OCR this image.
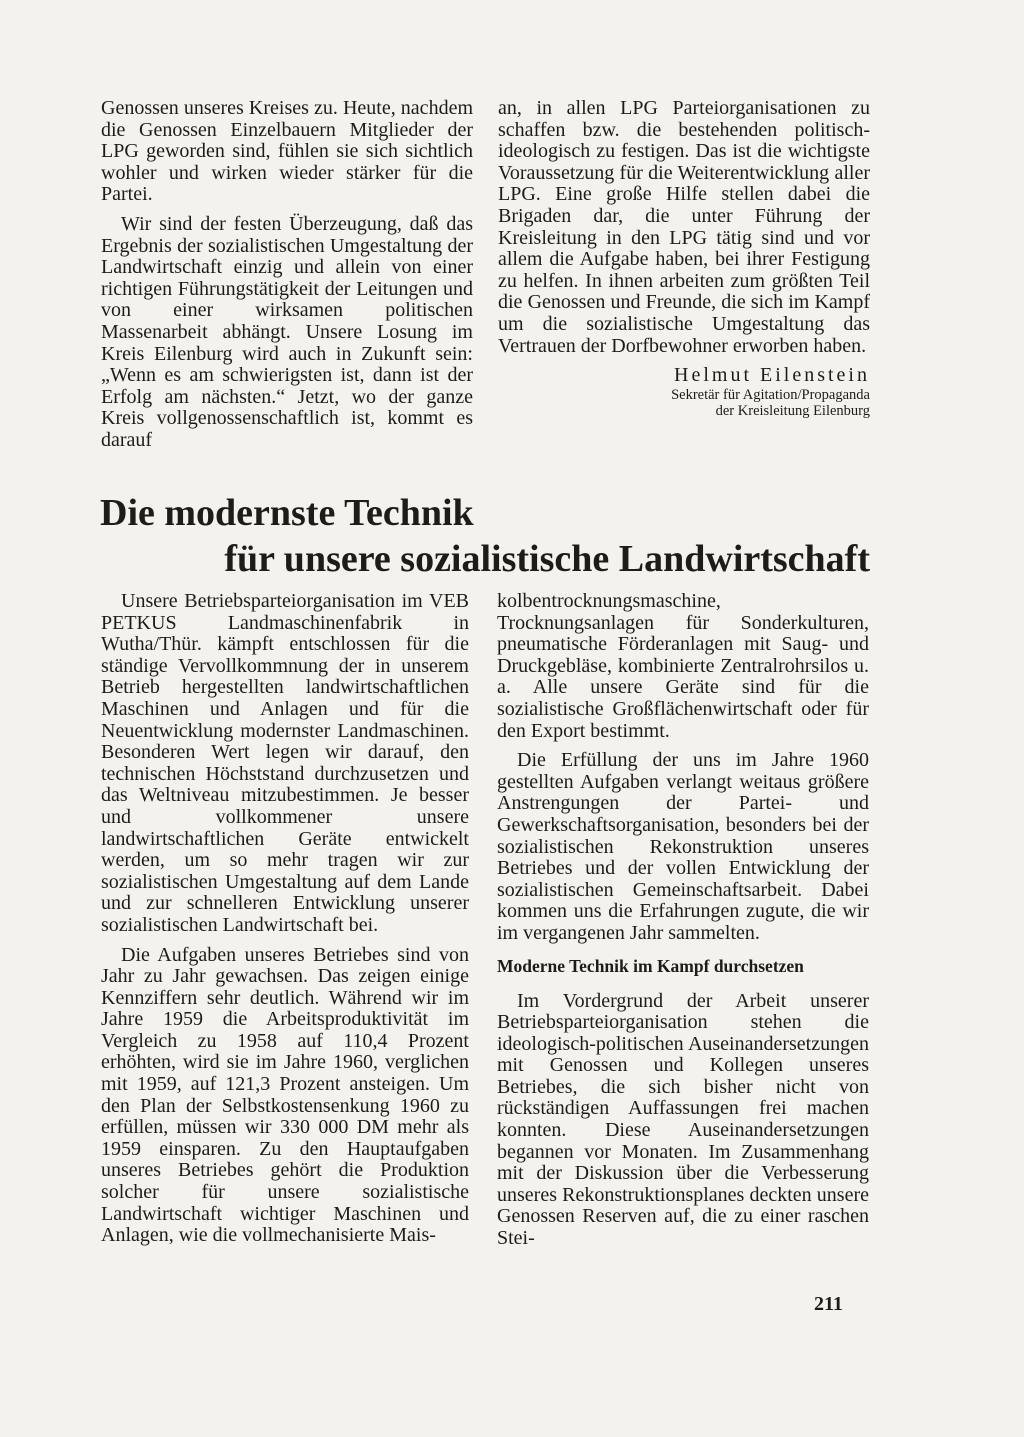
Genossen unseres Kreises zu. Heute, nachdem die Genossen Einzelbauern Mitglieder der LPG geworden sind, fühlen sie sich sichtlich wohler und wirken wieder stärker für die Partei.

Wir sind der festen Überzeugung, daß das Ergebnis der sozialistischen Umgestaltung der Landwirtschaft einzig und allein von einer richtigen Führungstätigkeit der Leitungen und von einer wirksamen politischen Massenarbeit abhängt. Unsere Losung im Kreis Eilenburg wird auch in Zukunft sein: „Wenn es am schwierigsten ist, dann ist der Erfolg am nächsten.“ Jetzt, wo der ganze Kreis vollgenossenschaftlich ist, kommt es darauf

an, in allen LPG Parteiorganisationen zu schaffen bzw. die bestehenden politisch-ideologisch zu festigen. Das ist die wichtigste Voraussetzung für die Weiterentwicklung aller LPG. Eine große Hilfe stellen dabei die Brigaden dar, die unter Führung der Kreisleitung in den LPG tätig sind und vor allem die Aufgabe haben, bei ihrer Festigung zu helfen. In ihnen arbeiten zum größten Teil die Genossen und Freunde, die sich im Kampf um die sozialistische Umgestaltung das Vertrauen der Dorfbewohner erworben haben.

Helmut Eilenstein
Sekretär für Agitation/Propaganda
der Kreisleitung Eilenburg
Die modernste Technik
für unsere sozialistische Landwirtschaft

Unsere Betriebsparteiorganisation im VEB PETKUS Landmaschinenfabrik in Wutha/Thür. kämpft entschlossen für die ständige Vervollkommnung der in unserem Betrieb hergestellten landwirtschaftlichen Maschinen und Anlagen und für die Neuentwicklung modernster Landmaschinen. Besonderen Wert legen wir darauf, den technischen Höchststand durchzusetzen und das Weltniveau mitzubestimmen. Je besser und vollkommener unsere landwirtschaftlichen Geräte entwickelt werden, um so mehr tragen wir zur sozialistischen Umgestaltung auf dem Lande und zur schnelleren Entwicklung unserer sozialistischen Landwirtschaft bei.

Die Aufgaben unseres Betriebes sind von Jahr zu Jahr gewachsen. Das zeigen einige Kennziffern sehr deutlich. Während wir im Jahre 1959 die Arbeitsproduktivität im Vergleich zu 1958 auf 110,4 Prozent erhöhten, wird sie im Jahre 1960, verglichen mit 1959, auf 121,3 Prozent ansteigen. Um den Plan der Selbstkostensenkung 1960 zu erfüllen, müssen wir 330 000 DM mehr als 1959 einsparen. Zu den Hauptaufgaben unseres Betriebes gehört die Produktion solcher für unsere sozialistische Landwirtschaft wichtiger Maschinen und Anlagen, wie die vollmechanisierte Mais-

kolbentrocknungsmaschine, Trocknungsanlagen für Sonderkulturen, pneumatische Förderanlagen mit Saug- und Druckgebläse, kombinierte Zentralrohrsilos u. a. Alle unsere Geräte sind für die sozialistische Großflächenwirtschaft oder für den Export bestimmt.

Die Erfüllung der uns im Jahre 1960 gestellten Aufgaben verlangt weitaus größere Anstrengungen der Partei- und Gewerkschaftsorganisation, besonders bei der sozialistischen Rekonstruktion unseres Betriebes und der vollen Entwicklung der sozialistischen Gemeinschaftsarbeit. Dabei kommen uns die Erfahrungen zugute, die wir im vergangenen Jahr sammelten.

Moderne Technik im Kampf durchsetzen

Im Vordergrund der Arbeit unserer Betriebsparteiorganisation stehen die ideologisch-politischen Auseinandersetzungen mit Genossen und Kollegen unseres Betriebes, die sich bisher nicht von rückständigen Auffassungen frei machen konnten. Diese Auseinandersetzungen begannen vor Monaten. Im Zusammenhang mit der Diskussion über die Verbesserung unseres Rekonstruktionsplanes deckten unsere Genossen Reserven auf, die zu einer raschen Stei-

211
